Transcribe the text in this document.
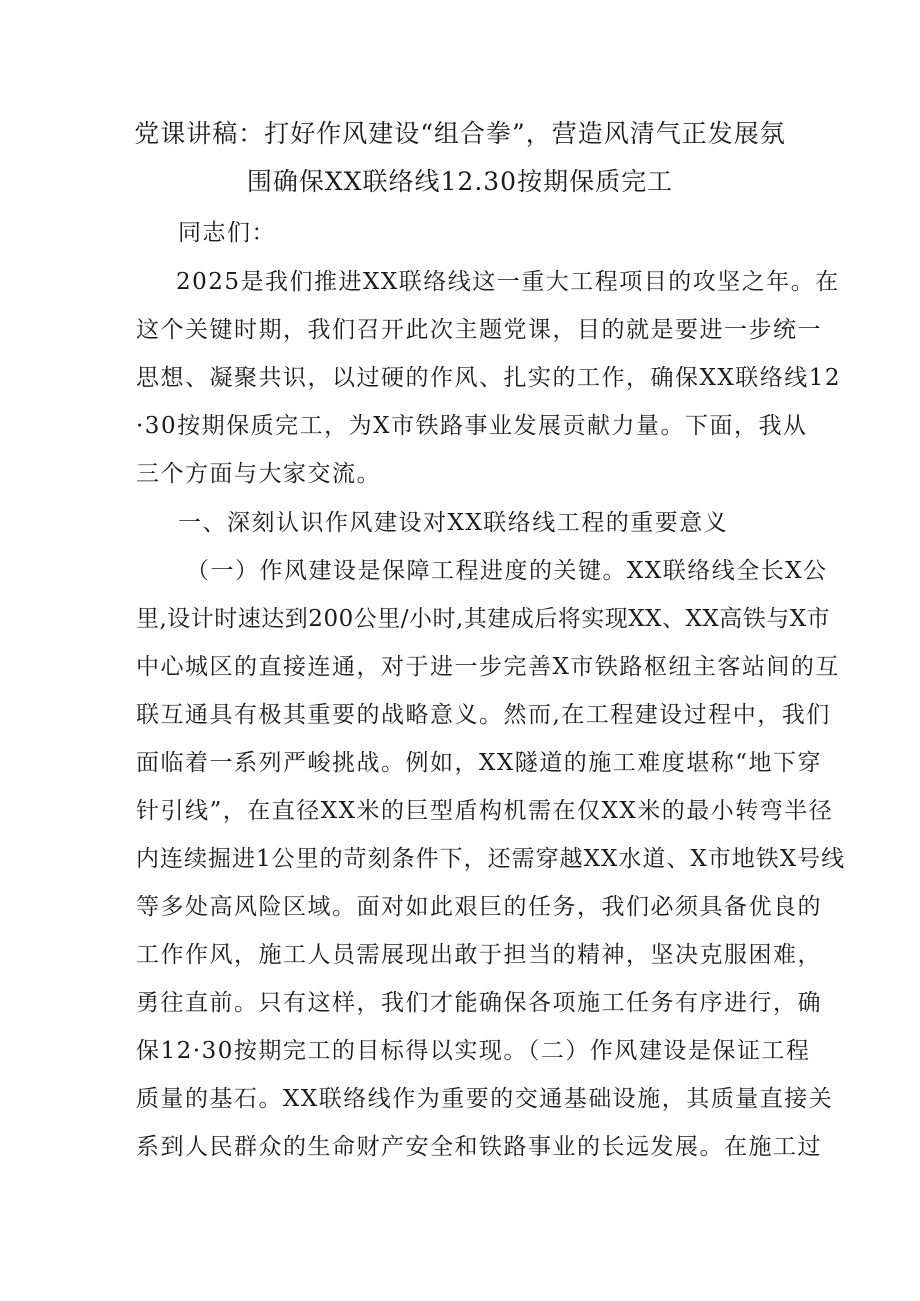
党课讲稿：打好作风建设“组合拳”，营造风清气正发展氛
围确保XX联络线12.30按期保质完工
同志们：
2025是我们推进XX联络线这一重大工程项目的攻坚之年。在
这个关键时期，我们召开此次主题党课，目的就是要进一步统一
思想、凝聚共识，以过硬的作风、扎实的工作，确保XX联络线12
·30按期保质完工，为X市铁路事业发展贡献力量。下面，我从
三个方面与大家交流。
一、深刻认识作风建设对XX联络线工程的重要意义
（一）作风建设是保障工程进度的关键。XX联络线全长X公
里,设计时速达到200公里/小时,其建成后将实现XX、XX高铁与X市
中心城区的直接连通，对于进一步完善X市铁路枢纽主客站间的互
联互通具有极其重要的战略意义。然而,在工程建设过程中，我们
面临着一系列严峻挑战。例如，XX隧道的施工难度堪称“地下穿
针引线”，在直径XX米的巨型盾构机需在仅XX米的最小转弯半径
内连续掘进1公里的苛刻条件下，还需穿越XX水道、X市地铁X号线
等多处高风险区域。面对如此艰巨的任务，我们必须具备优良的
工作作风，施工人员需展现出敢于担当的精神，坚决克服困难，
勇往直前。只有这样，我们才能确保各项施工任务有序进行，确
保12·30按期完工的目标得以实现。（二）作风建设是保证工程
质量的基石。XX联络线作为重要的交通基础设施，其质量直接关
系到人民群众的生命财产安全和铁路事业的长远发展。在施工过
